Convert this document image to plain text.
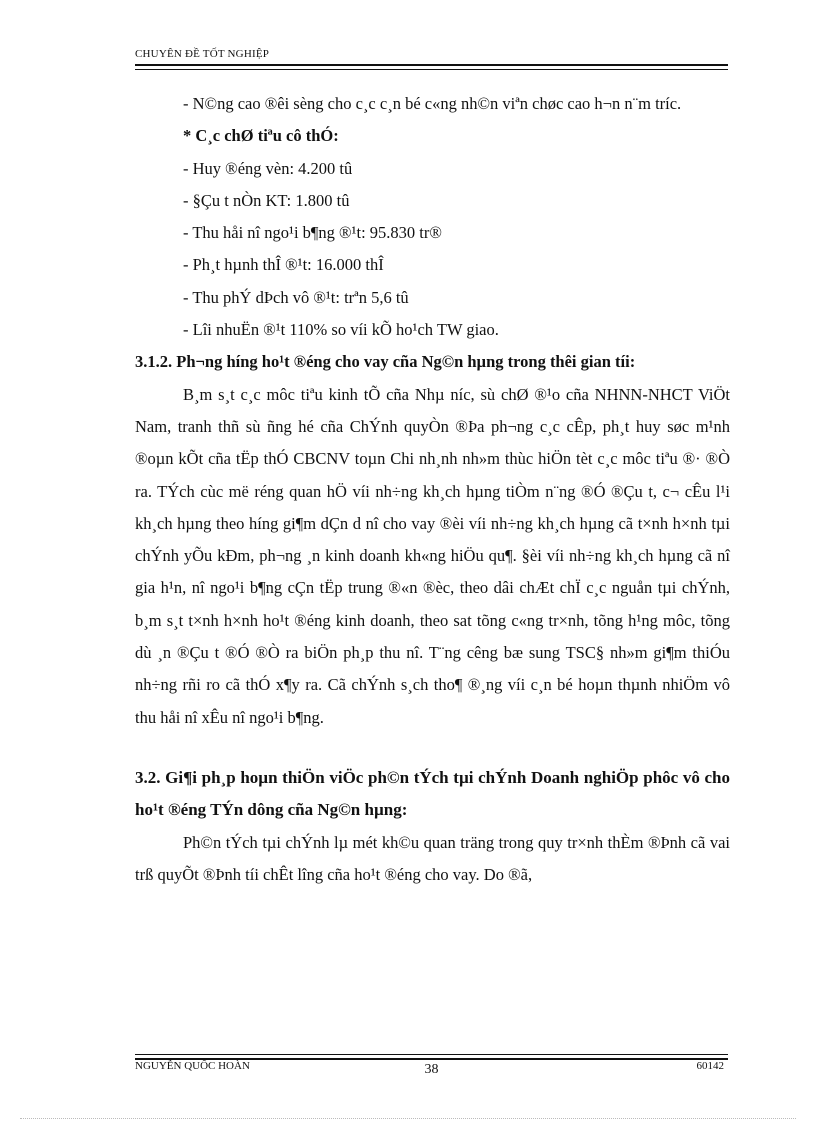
CHUYÊN ĐỀ TỐT NGHIỆP

- N©ng cao ®êi sèng cho c¸c c¸n bé c«ng nh©n viªn chøc cao h¬n n¨m tríc.

* C¸c chØ tiªu cô thÓ:

- Huy ®éng vèn: 4.200 tû

- §Çu t nÒn KT: 1.800 tû

- Thu håi nî ngo¹i b¶ng ®¹t: 95.830 tr®

- Ph¸t hµnh thÎ ®¹t: 16.000 thÎ

- Thu phÝ dÞch vô ®¹t: trªn 5,6 tû

- Lîi nhuËn ®¹t 110% so víi kÕ ho¹ch TW giao.

3.1.2. Ph¬ng híng ho¹t ®éng cho vay cña Ng©n hµng trong thêi gian tíi:

B¸m s¸t c¸c môc tiªu kinh tÕ cña Nhµ níc, sù chØ ®¹o cña NHNN-NHCT ViÖt Nam, tranh thñ sù ñng hé cña ChÝnh quyÒn ®Þa ph¬ng c¸c cÊp, ph¸t huy søc m¹nh ®oµn kÕt cña tËp thÓ CBCNV toµn Chi nh¸nh nh»m thùc hiÖn tèt c¸c môc tiªu ®· ®Ò ra. TÝch cùc më réng quan hÖ víi nh÷ng kh¸ch hµng tiÒm n¨ng ®Ó ®Çu t, c¬ cÊu l¹i kh¸ch hµng theo híng gi¶m dÇn d nî cho vay ®èi víi nh÷ng kh¸ch hµng cã t×nh h×nh tµi chÝnh yÕu kÐm, ph¬ng ¸n kinh doanh kh«ng hiÖu qu¶. §èi víi nh÷ng kh¸ch hµng cã nî gia h¹n, nî ngo¹i b¶ng cÇn tËp trung ®«n ®èc, theo dâi chÆt chÏ c¸c nguån tµi chÝnh, b¸m s¸t t×nh h×nh ho¹t ®éng kinh doanh, theo sat tõng c«ng tr×nh, tõng h¹ng môc, tõng dù ¸n ®Çu t ®Ó ®Ò ra biÖn ph¸p thu nî. T¨ng cêng bæ sung TSC§ nh»m gi¶m thiÓu nh÷ng rñi ro cã thÓ x¶y ra. Cã chÝnh s¸ch tho¶ ®¸ng víi c¸n bé hoµn thµnh nhiÖm vô thu håi nî xÊu nî ngo¹i b¶ng.

3.2. Gi¶i ph¸p hoµn thiÖn viÖc ph©n tÝch tµi chÝnh Doanh nghiÖp phôc vô cho ho¹t ®éng TÝn dông cña Ng©n hµng:

Ph©n tÝch tµi chÝnh lµ mét kh©u quan träng trong quy tr×nh thÈm ®Þnh cã vai trß quyÕt ®Þnh tíi chÊt lîng cña ho¹t ®éng cho vay. Do ®ã,

NGUYỄN QUỐC HOÀN	38	60142
